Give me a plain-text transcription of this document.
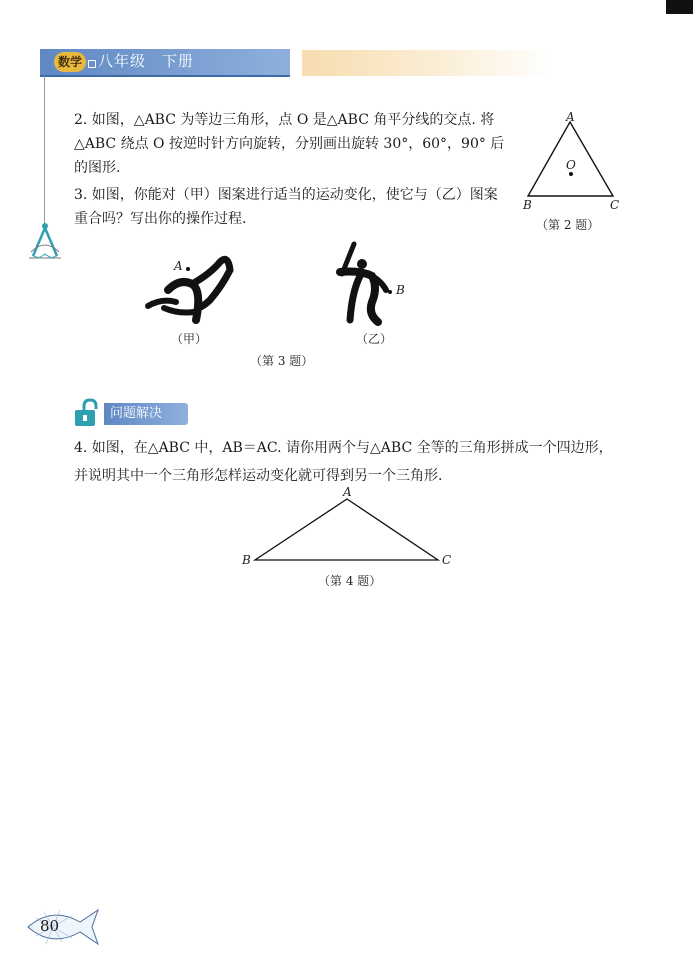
数学 八年级　下册
2. 如图，△ABC 为等边三角形，点 O 是△ABC 角平分线的交点. 将
△ABC 绕点 O 按逆时针方向旋转，分别画出旋转 30°，60°，90° 后
的图形.
3. 如图，你能对（甲）图案进行适当的运动变化，使它与（乙）图案
重合吗？写出你的操作过程.
A
B	C
O
（第 2 题）
A
B
（甲）	（乙）
（第 3 题）
问题解决
4. 如图，在△ABC 中，AB＝AC. 请你用两个与△ABC 全等的三角形拼成一个四边形，
并说明其中一个三角形怎样运动变化就可得到另一个三角形.
A
B	C
（第 4 题）
80
